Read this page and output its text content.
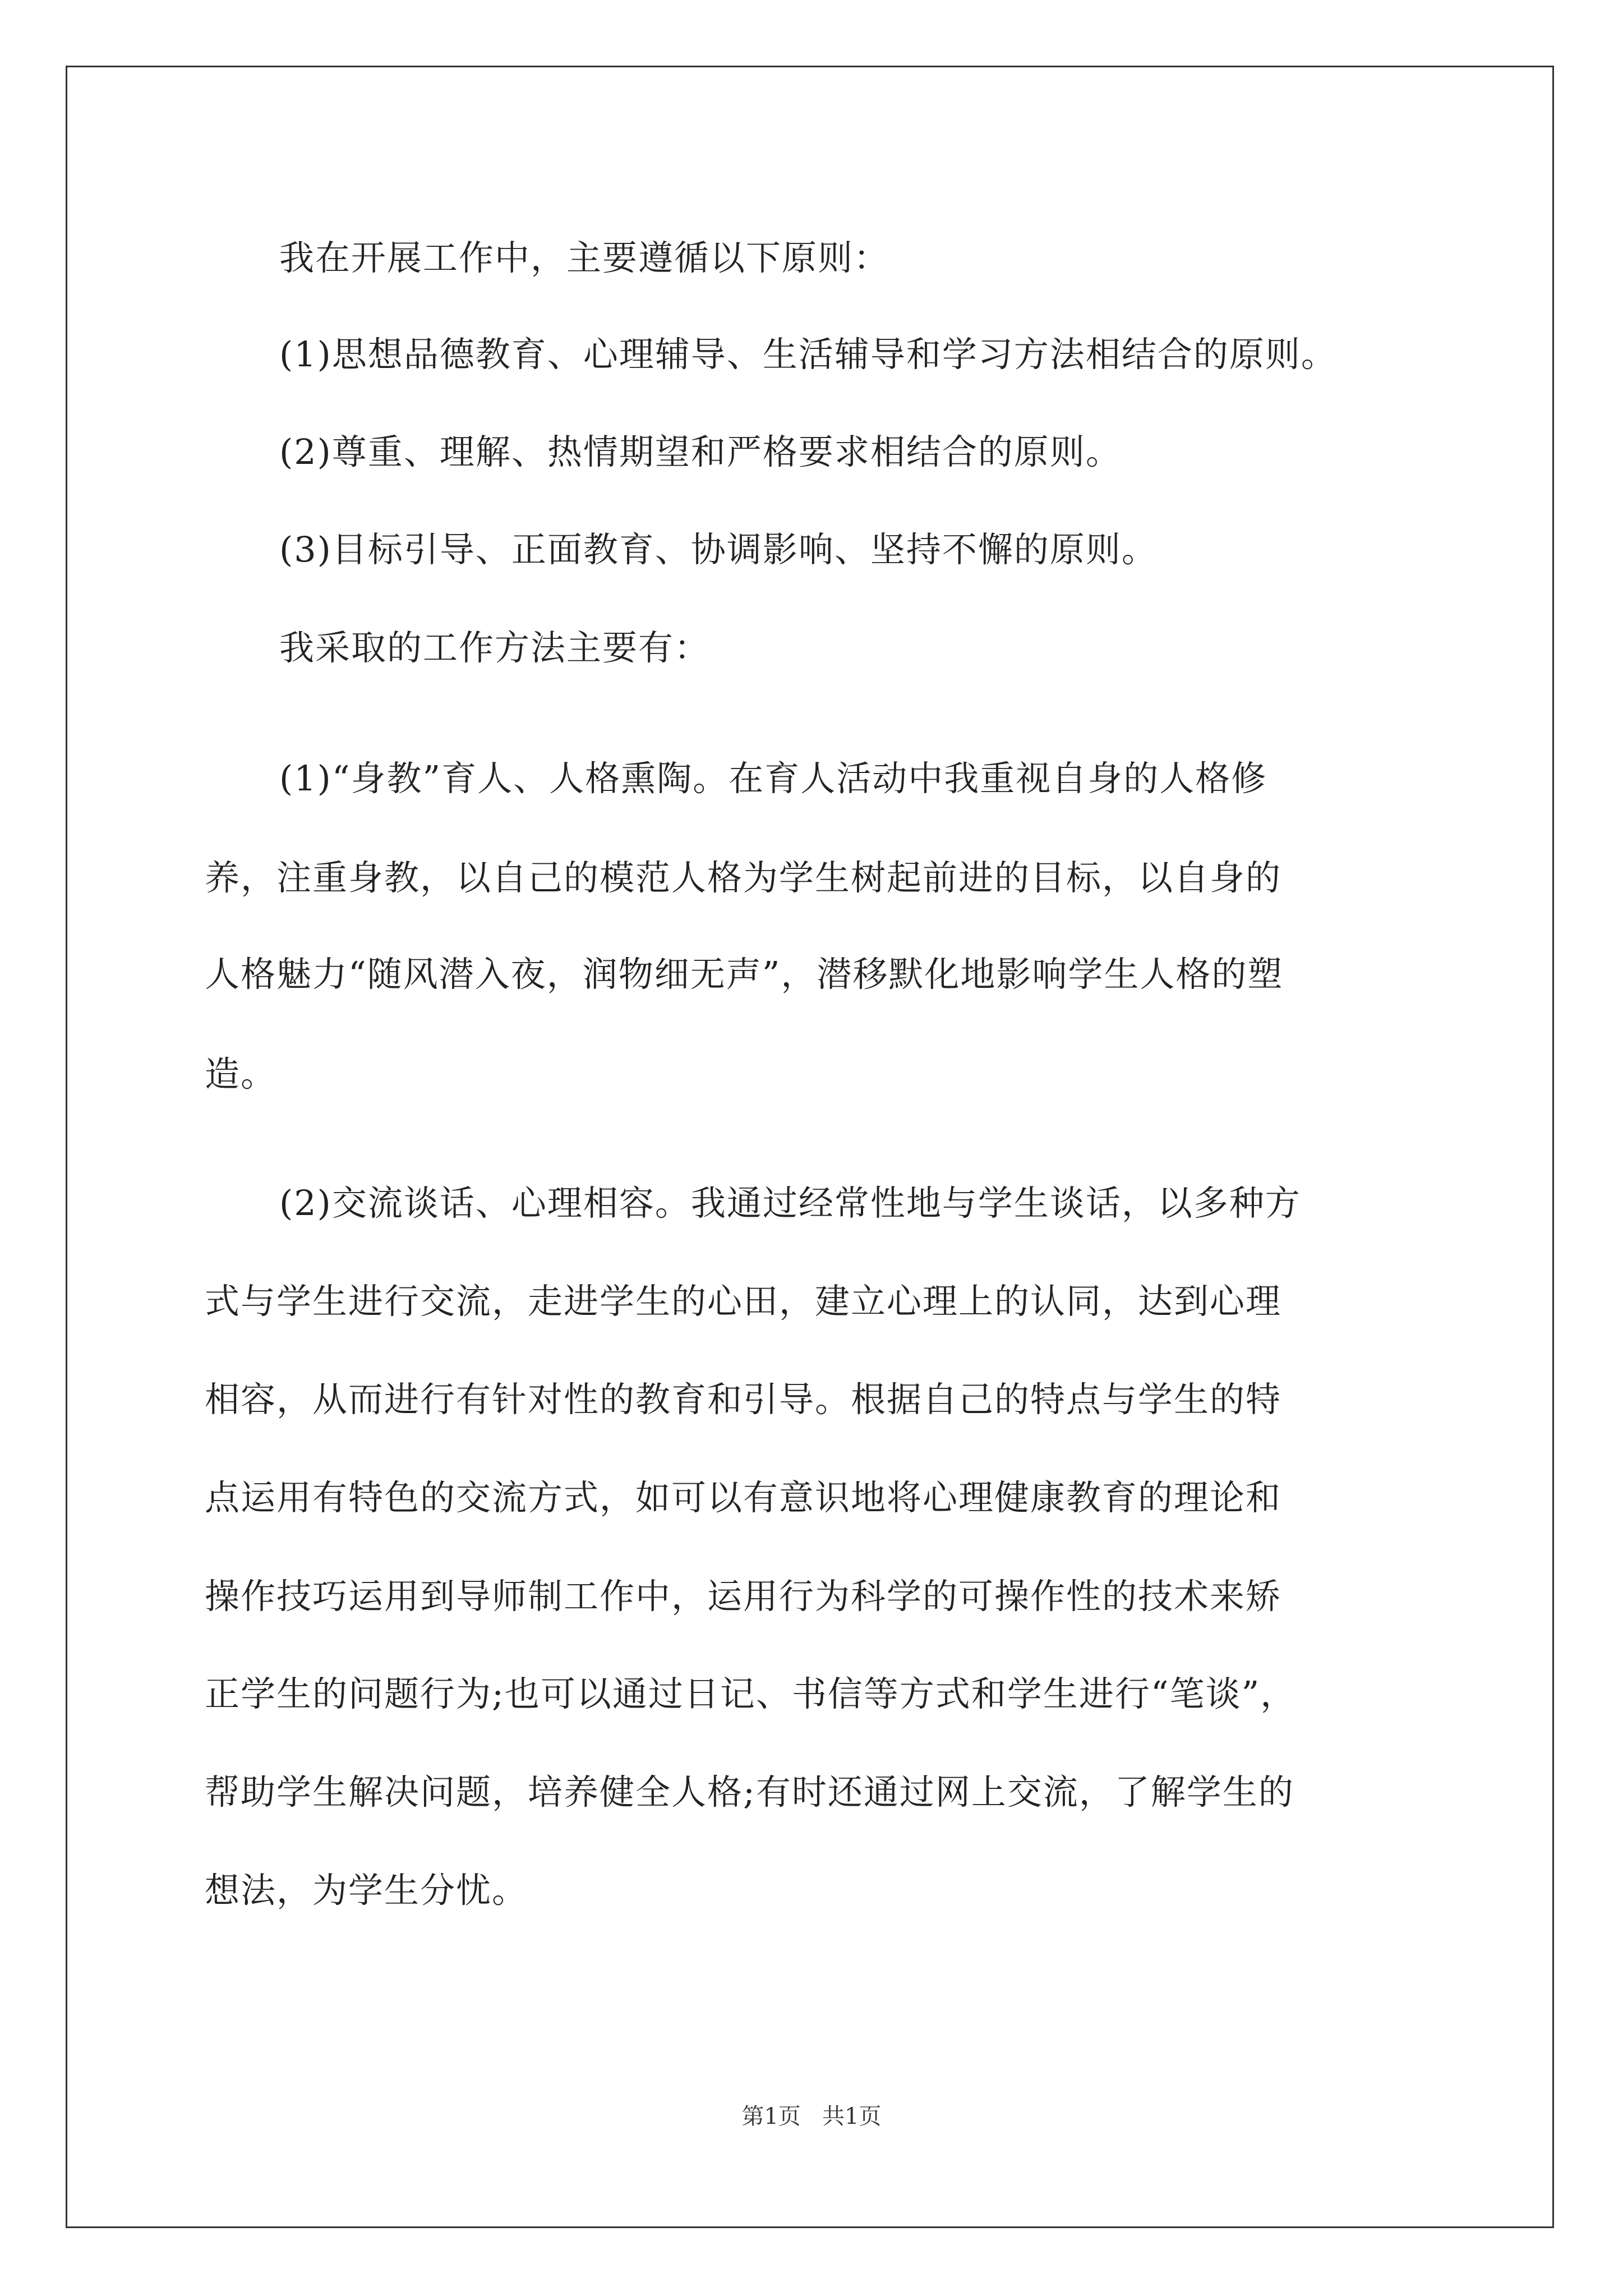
我在开展工作中，主要遵循以下原则：

(1)思想品德教育、心理辅导、生活辅导和学习方法相结合的原则。

(2)尊重、理解、热情期望和严格要求相结合的原则。

(3)目标引导、正面教育、协调影响、坚持不懈的原则。

我采取的工作方法主要有：

(1)“身教”育人、人格熏陶。在育人活动中我重视自身的人格修

养，注重身教，以自己的模范人格为学生树起前进的目标，以自身的

人格魅力“随风潜入夜，润物细无声”，潜移默化地影响学生人格的塑

造。

(2)交流谈话、心理相容。我通过经常性地与学生谈话，以多种方

式与学生进行交流，走进学生的心田，建立心理上的认同，达到心理

相容，从而进行有针对性的教育和引导。根据自己的特点与学生的特

点运用有特色的交流方式，如可以有意识地将心理健康教育的理论和

操作技巧运用到导师制工作中，运用行为科学的可操作性的技术来矫

正学生的问题行为;也可以通过日记、书信等方式和学生进行“笔谈”，

帮助学生解决问题，培养健全人格;有时还通过网上交流，了解学生的

想法，为学生分忧。

第1页   共1页
